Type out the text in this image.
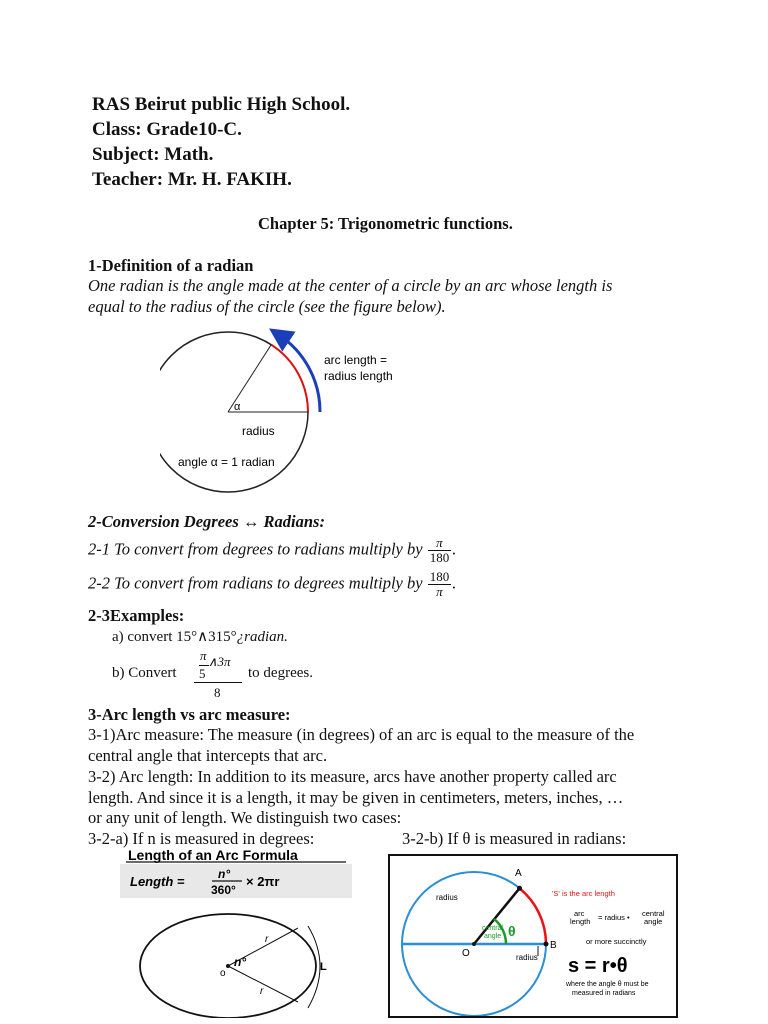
RAS Beirut public High School.
Class: Grade10-C.
Subject: Math.
Teacher: Mr. H. FAKIH.
Chapter 5: Trigonometric functions.
1-Definition of a radian
One radian is the angle made at the center of a circle by an arc whose length is
equal to the radius of the circle (see the figure below).
α
radius
angle α = 1 radian
arc length =
radius length
2-Conversion Degrees ↔ Radians:
2-1 To convert from degrees to radians multiply by $\frac{\pi}{180}$ .
2-2 To convert from radians to degrees multiply by $\frac{180}{\pi}$ .
2-3Examples:
a) convert 15°∧315°¿radian.
b) Convert
π ∧3π
5
8
to degrees.
3-Arc length vs arc measure:
3-1)Arc measure: The measure (in degrees) of an arc is equal to the measure of the
central angle that intercepts that arc.
3-2) Arc length: In addition to its measure, arcs have another property called arc
length. And since it is a length, it may be given in centimeters, meters, inches, …
or any unit of length. We distinguish two cases:
3-2-a) If n is measured in degrees:	3-2-b) If θ is measured in radians:
Length of an Arc Formula
Length =	n°
360°
× 2πr
r
r
n°
o
L
A
B
O
radius
radius
central
angle θ
'S' is the arc length
arc
length = radius • central
angle
or more succinctly
s = r•θ
where the angle θ must be
measured in radians
